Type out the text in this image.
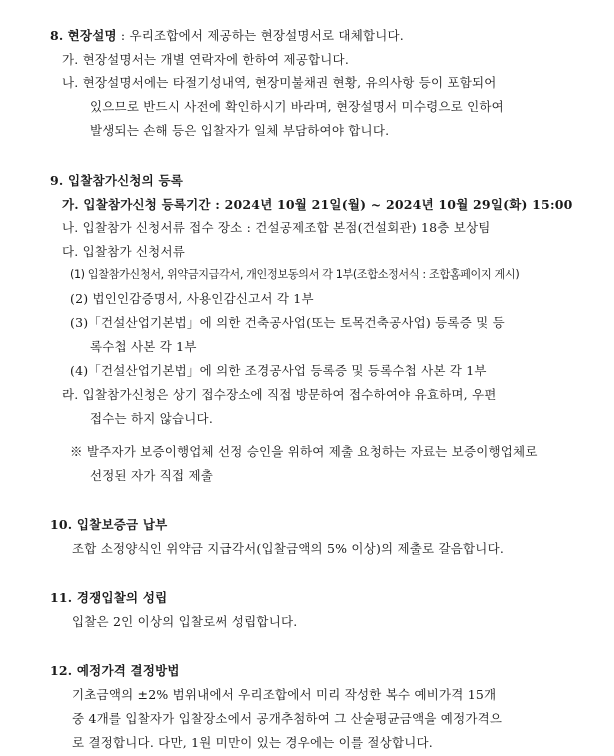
8. 현장설명 : 우리조합에서 제공하는 현장설명서로 대체합니다.
가. 현장설명서는 개별 연락자에 한하여 제공합니다.
나. 현장설명서에는 타절기성내역, 현장미불채권 현황, 유의사항 등이 포함되어
있으므로 반드시 사전에 확인하시기 바라며, 현장설명서 미수령으로 인하여
발생되는 손해 등은 입찰자가 일체 부담하여야 합니다.
9. 입찰참가신청의 등록
가. 입찰참가신청 등록기간 : 2024년 10월 21일(월) ~ 2024년 10월 29일(화) 15:00
나. 입찰참가 신청서류 접수 장소 : 건설공제조합 본점(건설회관) 18층 보상팀
다. 입찰참가 신청서류
(1) 입찰참가신청서, 위약금지급각서, 개인정보동의서 각 1부(조합소정서식 : 조합홈페이지 게시)
(2) 법인인감증명서, 사용인감신고서 각 1부
(3)「건설산업기본법」에 의한 건축공사업(또는 토목건축공사업) 등록증 및 등
록수첩 사본 각 1부
(4)「건설산업기본법」에 의한 조경공사업 등록증 및 등록수첩 사본 각 1부
라. 입찰참가신청은 상기 접수장소에 직접 방문하여 접수하여야 유효하며, 우편
접수는 하지 않습니다.
※ 발주자가 보증이행업체 선정 승인을 위하여 제출 요청하는 자료는 보증이행업체로
선정된 자가 직접 제출
10. 입찰보증금 납부
조합 소정양식인 위약금 지급각서(입찰금액의 5% 이상)의 제출로 갈음합니다.
11. 경쟁입찰의 성립
입찰은 2인 이상의 입찰로써 성립합니다.
12. 예정가격 결정방법
기초금액의 ±2% 범위내에서 우리조합에서 미리 작성한 복수 예비가격 15개
중 4개를 입찰자가 입찰장소에서 공개추첨하여 그 산술평균금액을 예정가격으
로 결정합니다. 다만, 1원 미만이 있는 경우에는 이를 절상합니다.
